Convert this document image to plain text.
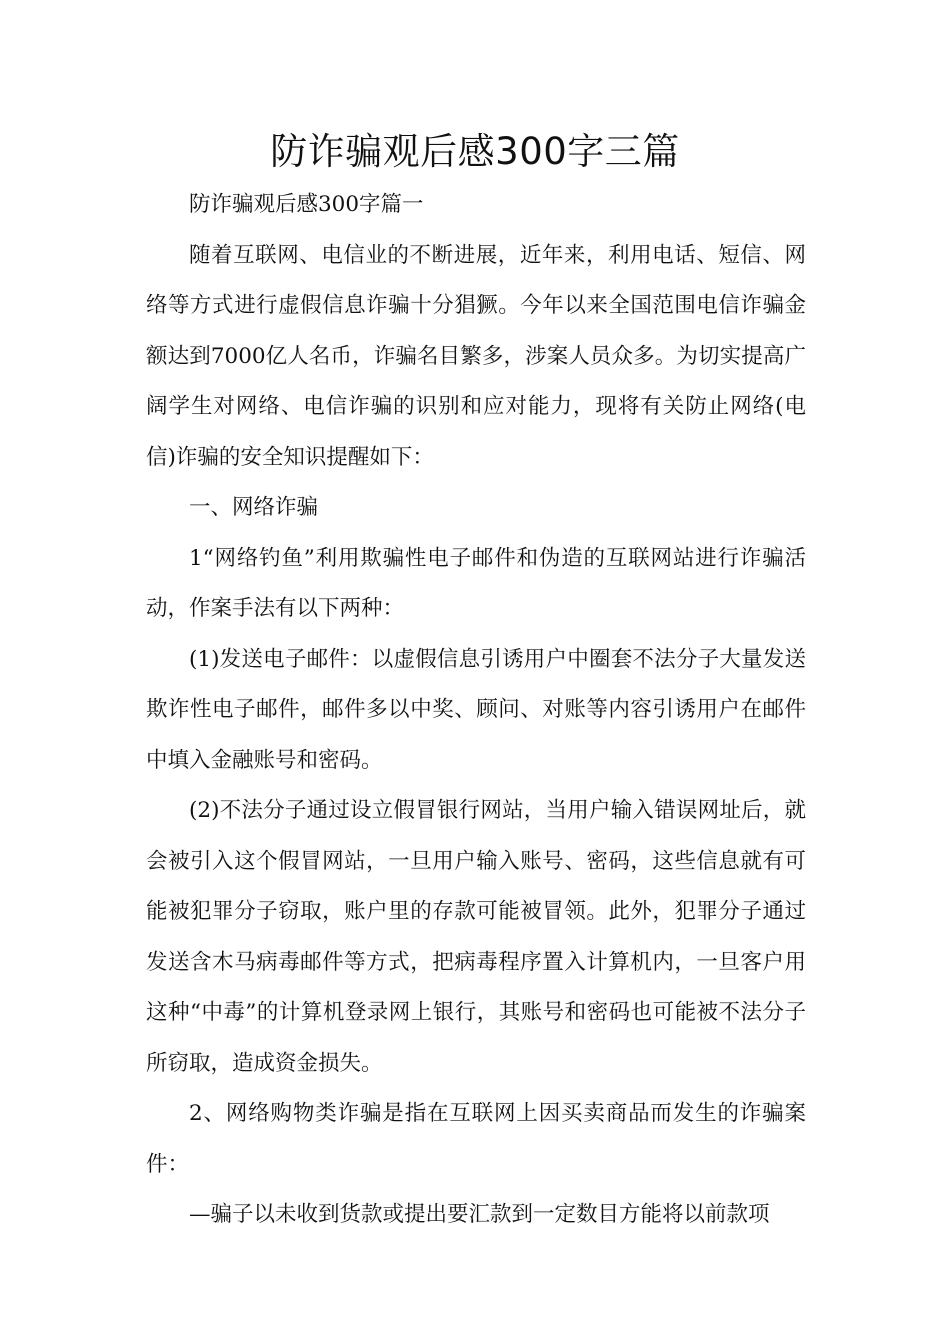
防诈骗观后感300字三篇

防诈骗观后感300字篇一

随着互联网、电信业的不断进展，近年来，利用电话、短信、网络等方式进行虚假信息诈骗十分猖獗。今年以来全国范围电信诈骗金额达到7000亿人名币，诈骗名目繁多，涉案人员众多。为切实提高广阔学生对网络、电信诈骗的识别和应对能力，现将有关防止网络(电信)诈骗的安全知识提醒如下：

一、网络诈骗

1“网络钓鱼”利用欺骗性电子邮件和伪造的互联网站进行诈骗活动，作案手法有以下两种：

(1)发送电子邮件：以虚假信息引诱用户中圈套不法分子大量发送欺诈性电子邮件，邮件多以中奖、顾问、对账等内容引诱用户在邮件中填入金融账号和密码。

(2)不法分子通过设立假冒银行网站，当用户输入错误网址后，就会被引入这个假冒网站，一旦用户输入账号、密码，这些信息就有可能被犯罪分子窃取，账户里的存款可能被冒领。此外，犯罪分子通过发送含木马病毒邮件等方式，把病毒程序置入计算机内，一旦客户用这种“中毒”的计算机登录网上银行，其账号和密码也可能被不法分子所窃取，造成资金损失。

2、网络购物类诈骗是指在互联网上因买卖商品而发生的诈骗案件：

—骗子以未收到货款或提出要汇款到一定数目方能将以前款项
